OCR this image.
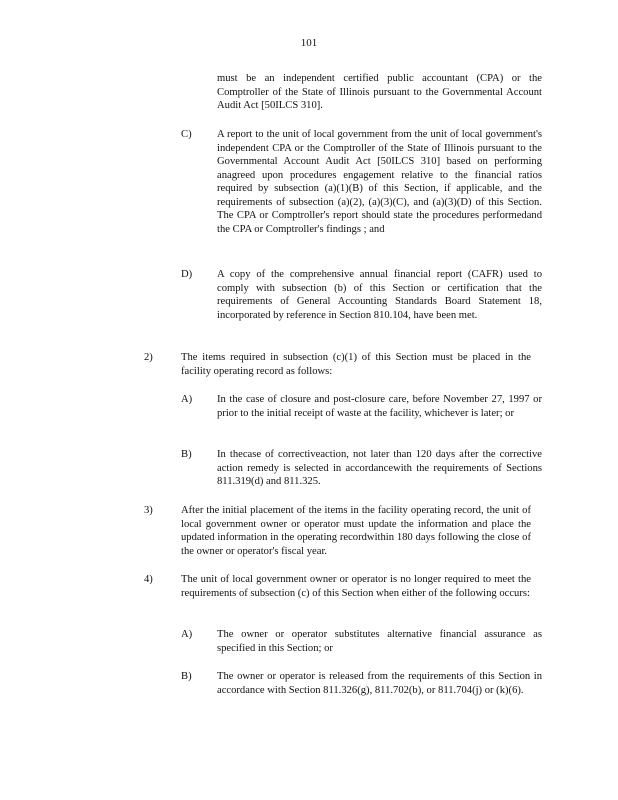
101
must be an independent certified public accountant (CPA) or the Comptroller of the State of Illinois pursuant to the Governmental Account Audit Act [50ILCS 310].
C) A report to the unit of local government from the unit of local government's independent CPA or the Comptroller of the State of Illinois pursuant to the Governmental Account Audit Act [50ILCS 310] based on performing anagreed upon procedures engagement relative to the financial ratios required by subsection (a)(1)(B) of this Section, if applicable, and the requirements of subsection (a)(2), (a)(3)(C), and (a)(3)(D) of this Section. The CPA or Comptroller's report should state the procedures performedand the CPA or Comptroller's findings ; and
D) A copy of the comprehensive annual financial report (CAFR) used to comply with subsection (b) of this Section or certification that the requirements of General Accounting Standards Board Statement 18, incorporated by reference in Section 810.104, have been met.
2)	The items required in subsection (c)(1) of this Section must be placed in the facility operating record as follows:
A) In the case of closure and post-closure care, before November 27, 1997 or prior to the initial receipt of waste at the facility, whichever is later; or
B) In thecase of correctiveaction, not later than 120 days after the corrective action remedy is selected in accordancewith the requirements of Sections 811.319(d) and 811.325.
3)	After the initial placement of the items in the facility operating record, the unit of local government owner or operator must update the information and place the updated information in the operating recordwithin 180 days following the close of the owner or operator's fiscal year.
4)	The unit of local government owner or operator is no longer required to meet the requirements of subsection (c) of this Section when either of the following occurs:
A) The owner or operator substitutes alternative financial assurance as specified in this Section; or
B) The owner or operator is released from the requirements of this Section in accordance with Section 811.326(g), 811.702(b), or 811.704(j) or (k)(6).
